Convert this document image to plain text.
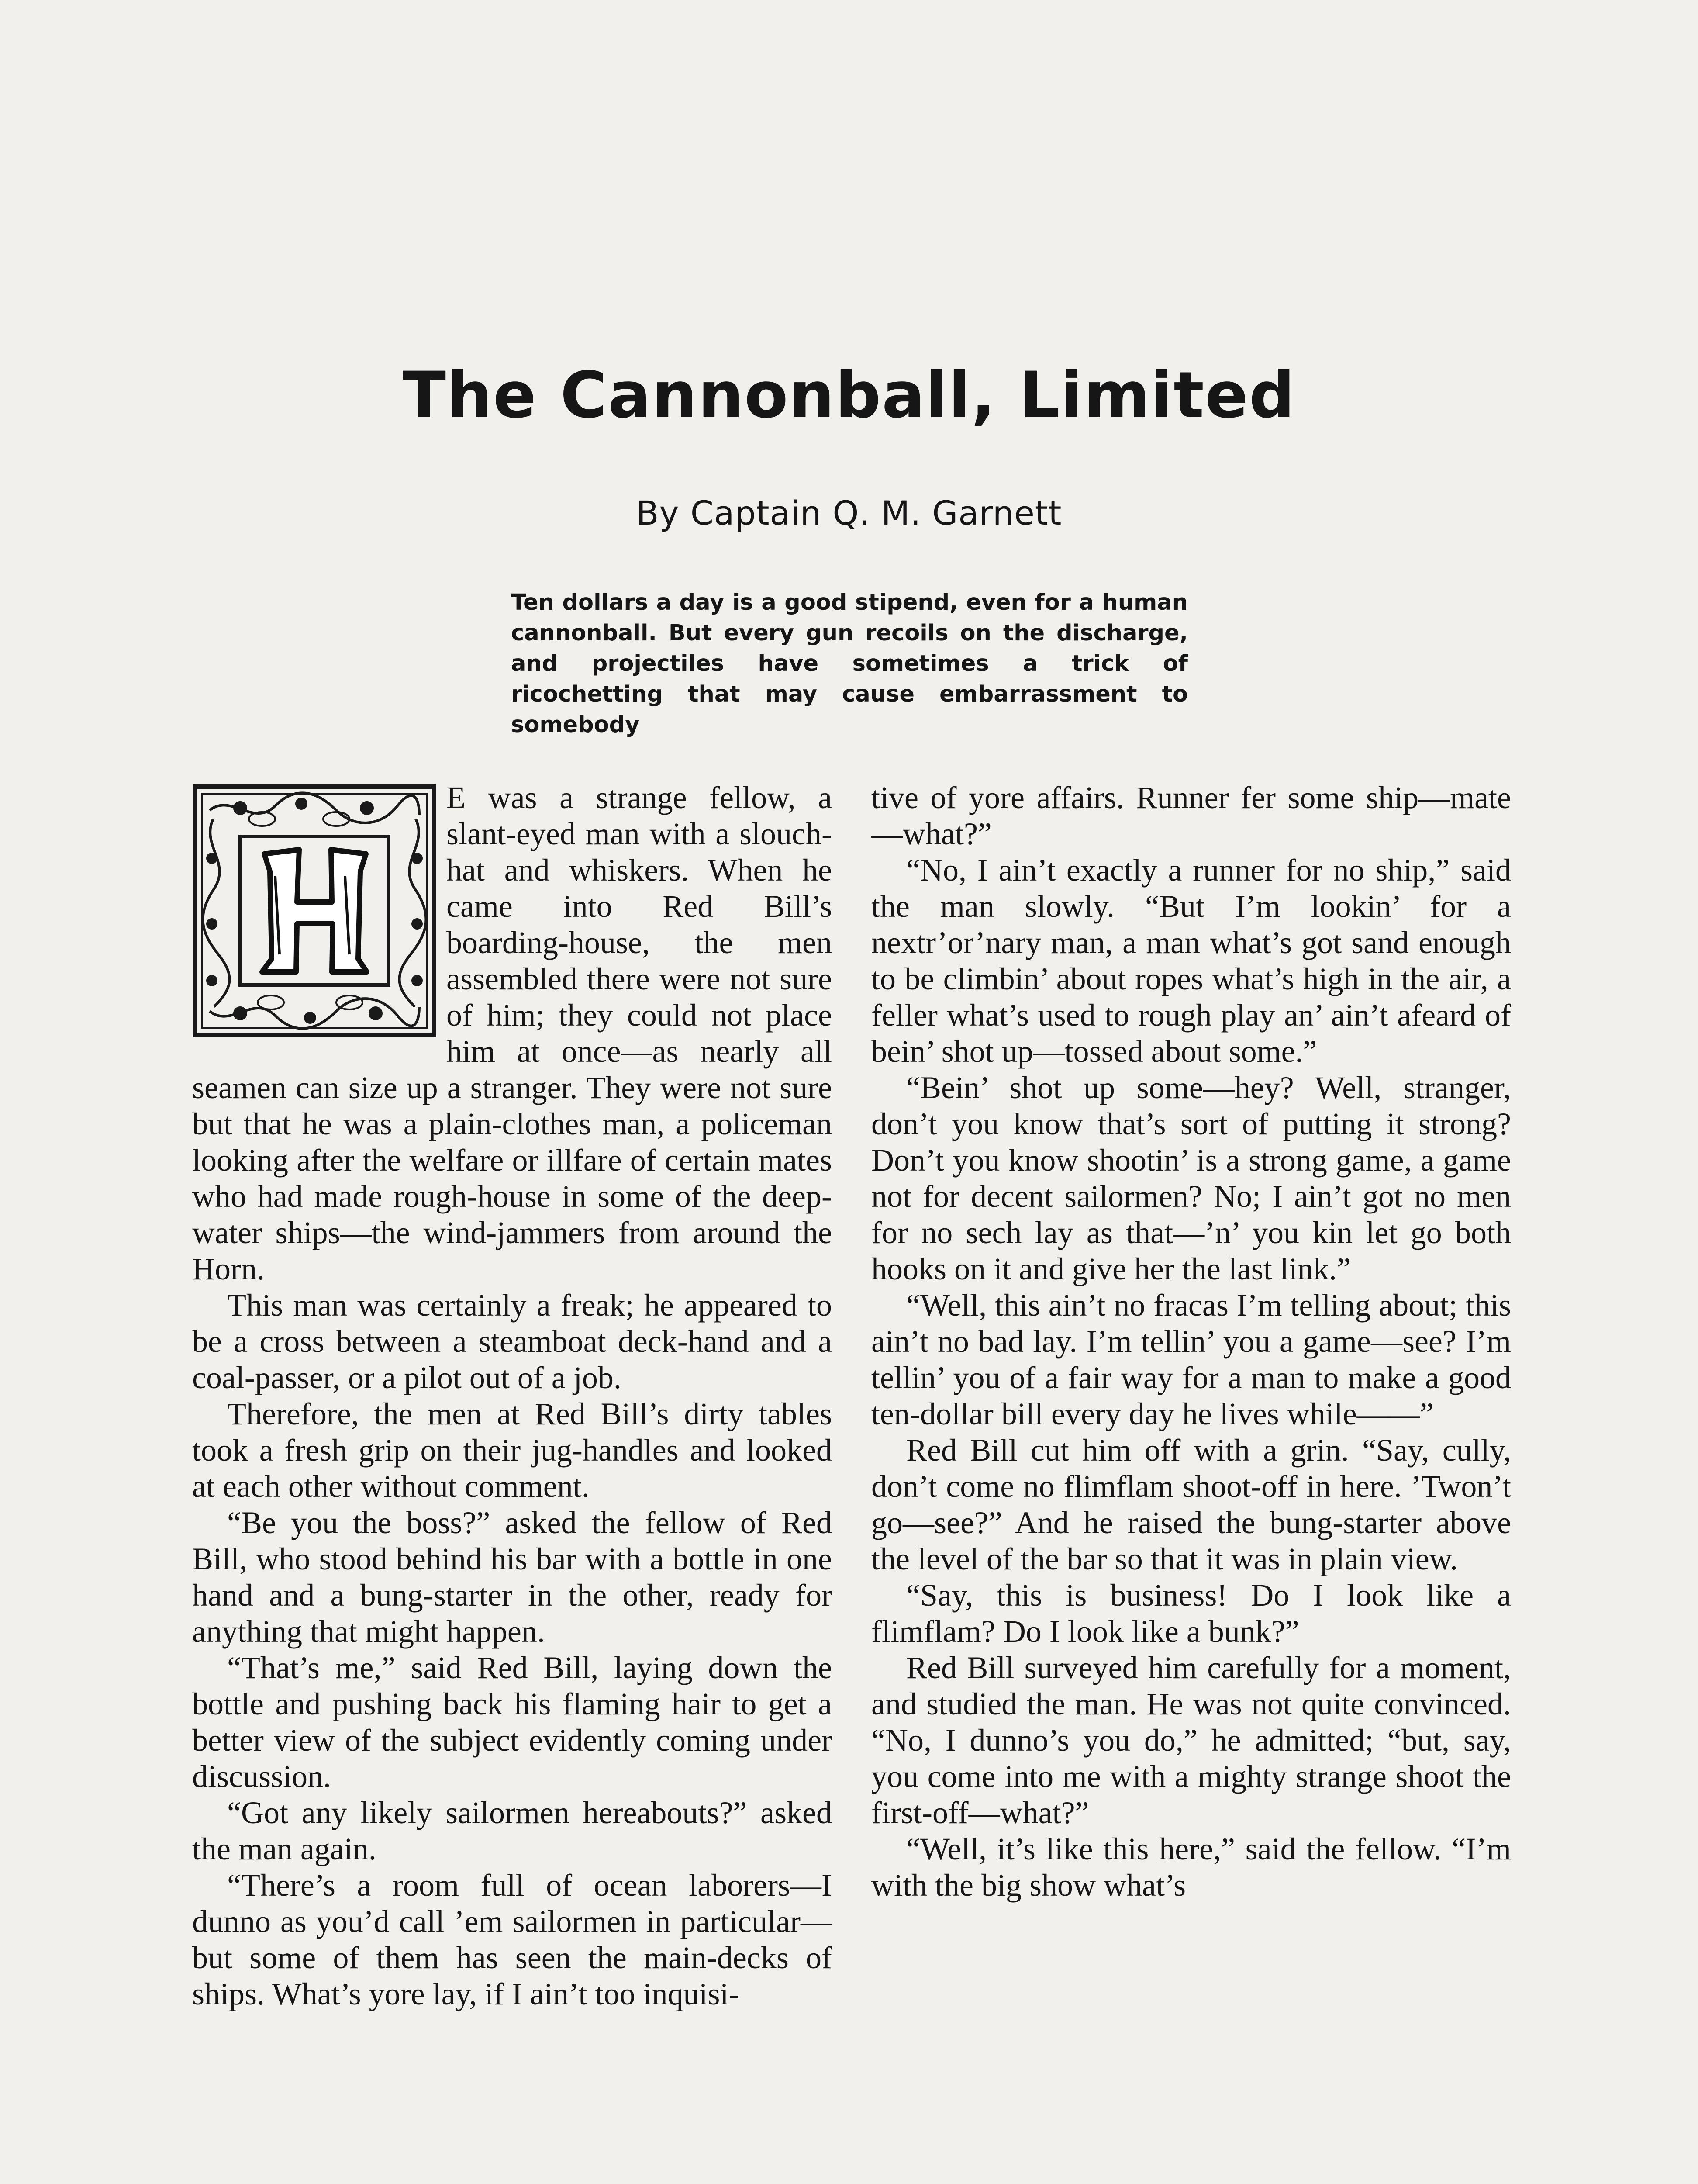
The Cannonball, Limited
By Captain Q. M. Garnett
Ten dollars a day is a good stipend, even for a human cannonball. But every gun recoils on the discharge, and projectiles have sometimes a trick of ricochetting that may cause embarrassment to somebody

E was a strange fellow, a slant-eyed man with a slouch-hat and whiskers. When he came into Red Bill’s boarding-house, the men assembled there were not sure of him; they could not place him at once—as nearly all seamen can size up a stranger. They were not sure but that he was a plain-clothes man, a policeman looking after the welfare or illfare of certain mates who had made rough-house in some of the deep-water ships—the wind-jammers from around the Horn.

This man was certainly a freak; he appeared to be a cross between a steamboat deck-hand and a coal-passer, or a pilot out of a job.

Therefore, the men at Red Bill’s dirty tables took a fresh grip on their jug-handles and looked at each other without comment.

“Be you the boss?” asked the fellow of Red Bill, who stood behind his bar with a bottle in one hand and a bung-starter in the other, ready for anything that might happen.

“That’s me,” said Red Bill, laying down the bottle and pushing back his flaming hair to get a better view of the subject evidently coming under discussion.

“Got any likely sailormen hereabouts?” asked the man again.

“There’s a room full of ocean laborers—I dunno as you’d call ’em sailormen in particular—but some of them has seen the main-decks of ships. What’s yore lay, if I ain’t too inquisi-

tive of yore affairs. Runner fer some ship—mate—what?”

“No, I ain’t exactly a runner for no ship,” said the man slowly. “But I’m lookin’ for a nextr’or’nary man, a man what’s got sand enough to be climbin’ about ropes what’s high in the air, a feller what’s used to rough play an’ ain’t afeard of bein’ shot up—tossed about some.”

“Bein’ shot up some—hey? Well, stranger, don’t you know that’s sort of putting it strong? Don’t you know shootin’ is a strong game, a game not for decent sailormen? No; I ain’t got no men for no sech lay as that—’n’ you kin let go both hooks on it and give her the last link.”

“Well, this ain’t no fracas I’m telling about; this ain’t no bad lay. I’m tellin’ you a game—see? I’m tellin’ you of a fair way for a man to make a good ten-dollar bill every day he lives while——”

Red Bill cut him off with a grin. “Say, cully, don’t come no flimflam shoot-off in here. ’Twon’t go—see?” And he raised the bung-starter above the level of the bar so that it was in plain view.

“Say, this is business! Do I look like a flimflam? Do I look like a bunk?”

Red Bill surveyed him carefully for a moment, and studied the man. He was not quite convinced. “No, I dunno’s you do,” he admitted; “but, say, you come into me with a mighty strange shoot the first-off—what?”

“Well, it’s like this here,” said the fellow. “I’m with the big show what’s
